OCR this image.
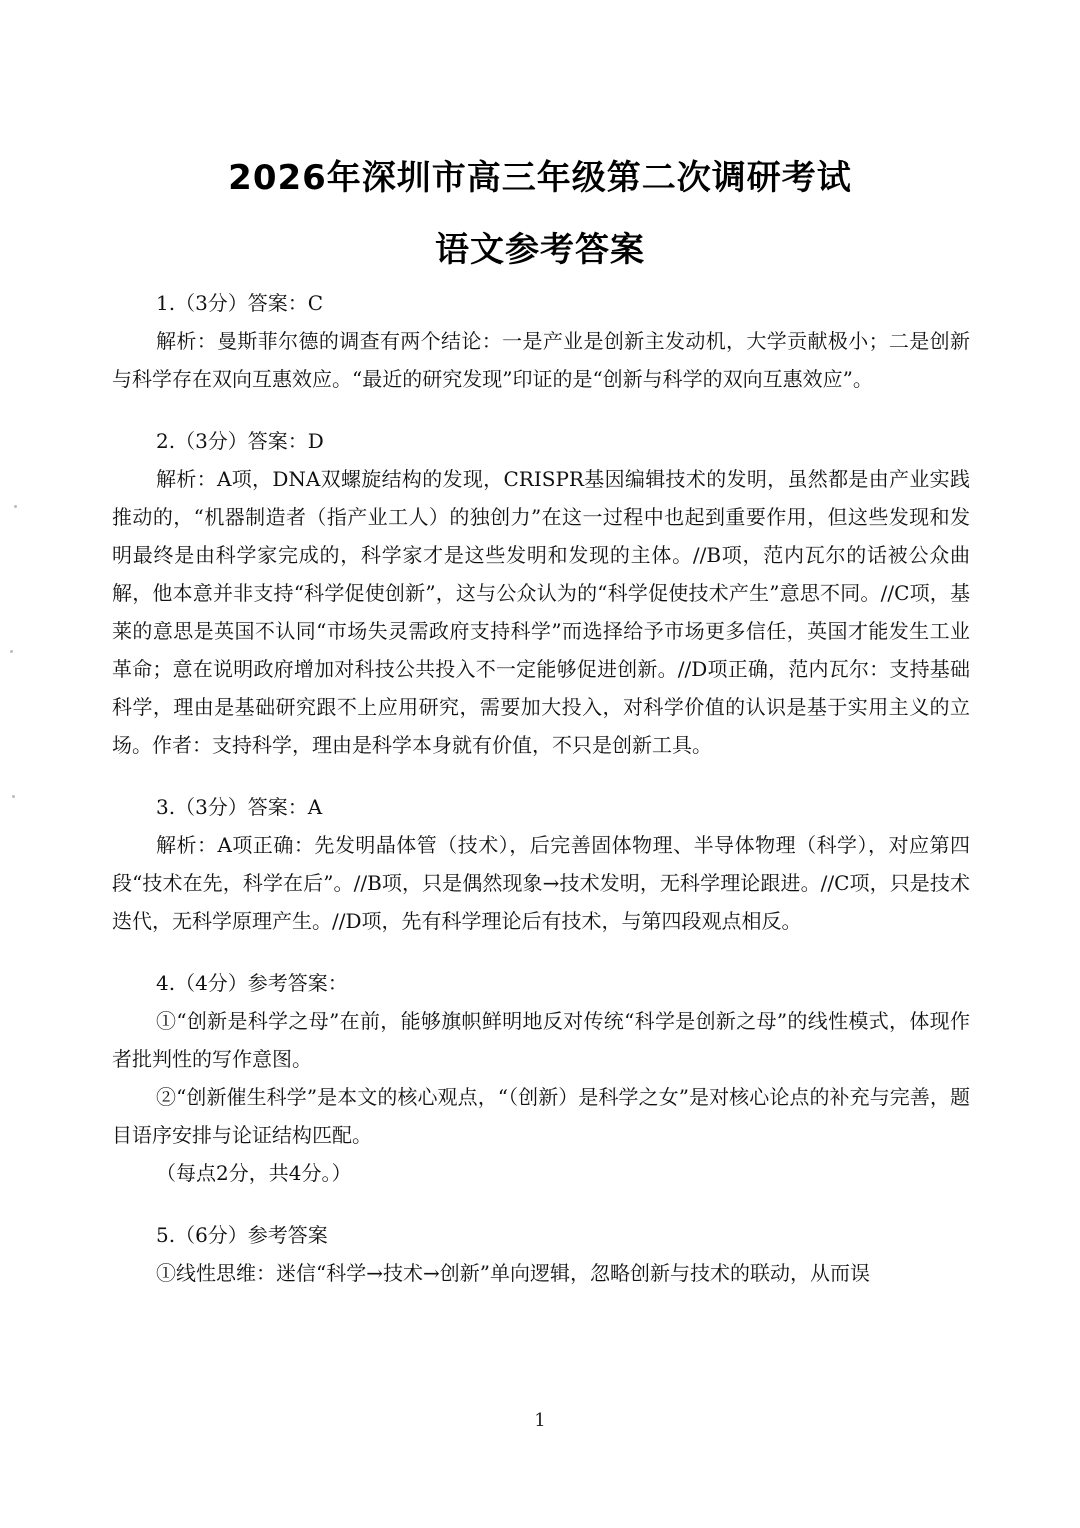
2026年深圳市高三年级第二次调研考试
语文参考答案

1.（3分）答案：C

解析：曼斯菲尔德的调查有两个结论：一是产业是创新主发动机，大学贡献极小；二是创新与科学存在双向互惠效应。“最近的研究发现”印证的是“创新与科学的双向互惠效应”。

2.（3分）答案：D

解析：A项，DNA双螺旋结构的发现，CRISPR基因编辑技术的发明，虽然都是由产业实践推动的，“机器制造者（指产业工人）的独创力”在这一过程中也起到重要作用，但这些发现和发明最终是由科学家完成的，科学家才是这些发明和发现的主体。//B项，范内瓦尔的话被公众曲解，他本意并非支持“科学促使创新”，这与公众认为的“科学促使技术产生”意思不同。//C项，基莱的意思是英国不认同“市场失灵需政府支持科学”而选择给予市场更多信任，英国才能发生工业革命；意在说明政府增加对科技公共投入不一定能够促进创新。//D项正确，范内瓦尔：支持基础科学，理由是基础研究跟不上应用研究，需要加大投入，对科学价值的认识是基于实用主义的立场。作者：支持科学，理由是科学本身就有价值，不只是创新工具。

3.（3分）答案：A

解析：A项正确：先发明晶体管（技术），后完善固体物理、半导体物理（科学），对应第四段“技术在先，科学在后”。//B项，只是偶然现象→技术发明，无科学理论跟进。//C项，只是技术迭代，无科学原理产生。//D项，先有科学理论后有技术，与第四段观点相反。

4.（4分）参考答案：

①“创新是科学之母”在前，能够旗帜鲜明地反对传统“科学是创新之母”的线性模式，体现作者批判性的写作意图。

②“创新催生科学”是本文的核心观点，“（创新）是科学之女”是对核心论点的补充与完善，题目语序安排与论证结构匹配。

（每点2分，共4分。）

5.（6分）参考答案

①线性思维：迷信“科学→技术→创新”单向逻辑，忽略创新与技术的联动，从而误

1
